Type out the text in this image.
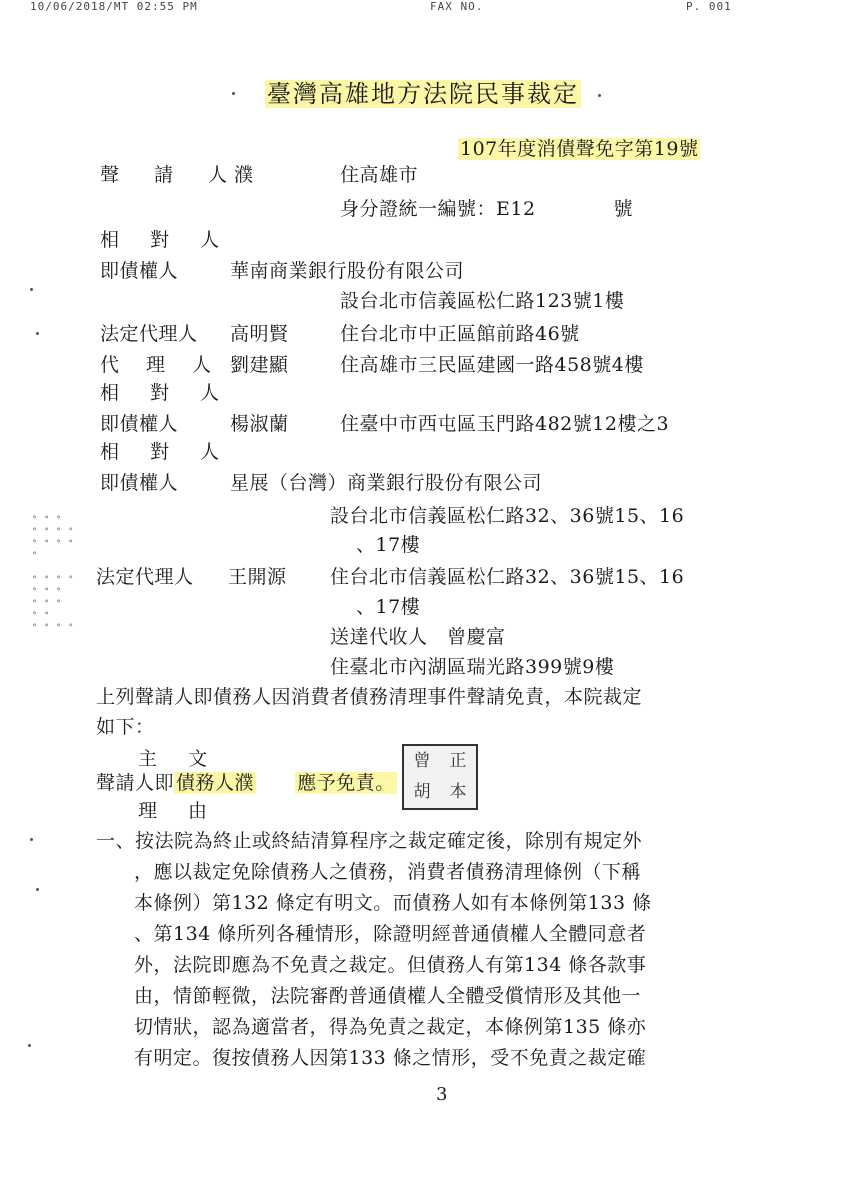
10/06/2018/MT 02:55 PM	FAX NO.	P. 001
臺灣高雄地方法院民事裁定
107年度消債聲免字第19號
聲　請　人
濮	住高雄市
身分證統一編號：E12　　　　號
相　對　人
即債權人	華南商業銀行股份有限公司
設台北市信義區松仁路123號1樓
法定代理人 高明賢	住台北市中正區館前路46號
代　理　人 劉建顯	住高雄市三民區建國一路458號4樓
相　對　人
即債權人	楊淑蘭	住臺中市西屯區玉門路482號12樓之3
相　對　人
即債權人	星展（台灣）商業銀行股份有限公司
設台北市信義區松仁路32、36號15、16
、17樓
法定代理人 王開源 住台北市信義區松仁路32、36號15、16
、17樓
送達代收人　曾慶富
住臺北市內湖區瑞光路399號9樓
∘ ∘ ∘
∘ ∘ ∘ ∘
∘ ∘ ∘ ∘ ∘

∘ ∘ ∘ ∘
∘ ∘ ∘
∘ ∘ ∘
∘ ∘
∘ ∘ ∘ ∘
上列聲請人即債務人因消費者債務清理事件聲請免責，本院裁定
如下：
主　文
聲請人即 債務人濮 應予免責。
曾	正
胡	本
理　由
一、按法院為終止或終結清算程序之裁定確定後，除別有規定外
，應以裁定免除債務人之債務，消費者債務清理條例（下稱
本條例）第132 條定有明文。而債務人如有本條例第133 條
、第134 條所列各種情形，除證明經普通債權人全體同意者
外，法院即應為不免責之裁定。但債務人有第134 條各款事
由，情節輕微，法院審酌普通債權人全體受償情形及其他一
切情狀，認為適當者，得為免責之裁定，本條例第135 條亦
有明定。復按債務人因第133 條之情形，受不免責之裁定確
3
